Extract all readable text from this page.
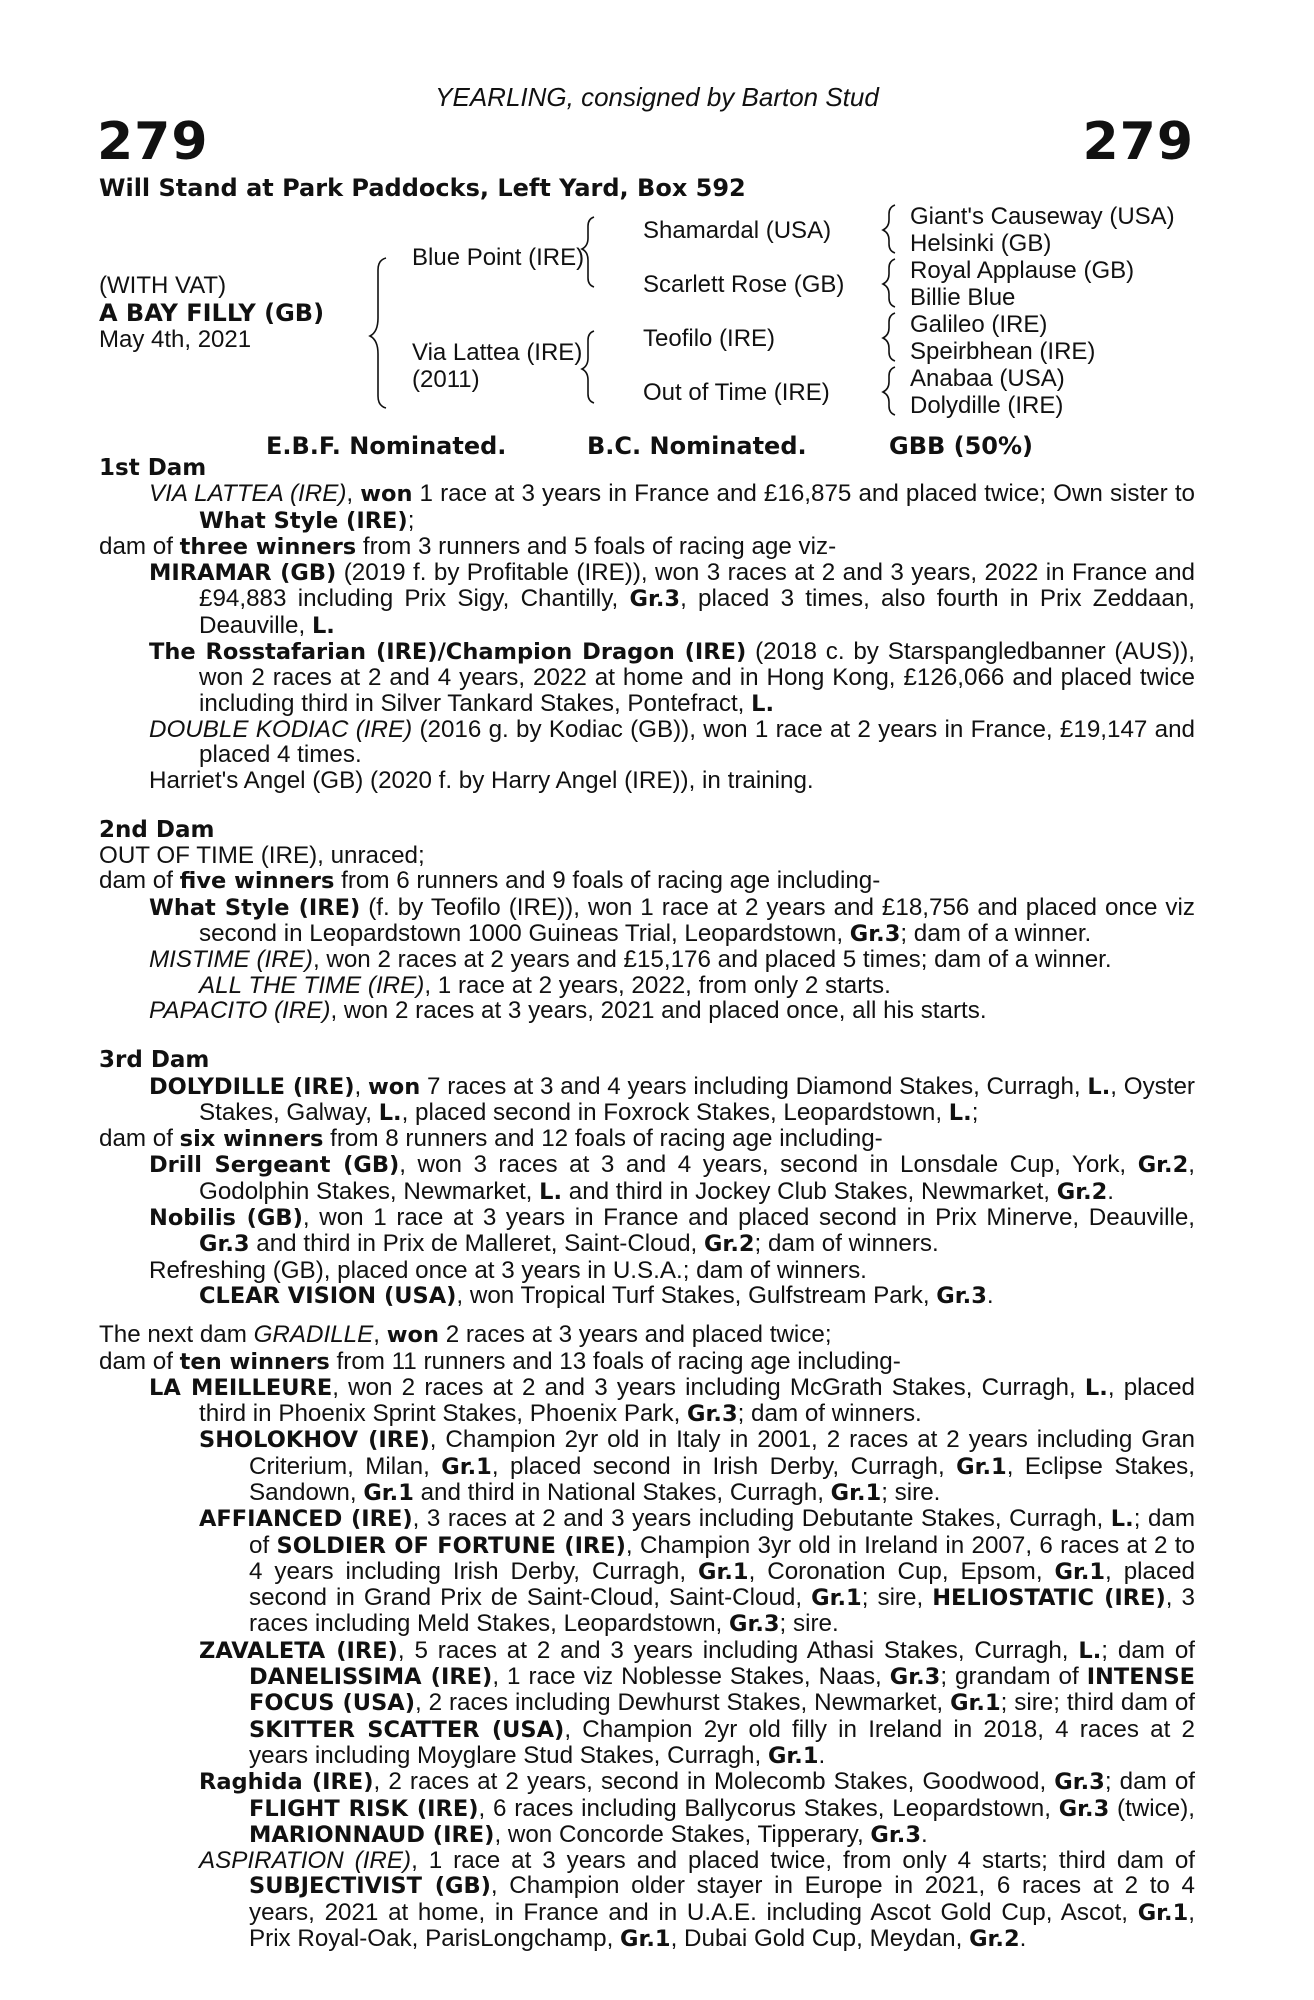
YEARLING, consigned by Barton Stud
279	279
Will Stand at Park Paddocks, Left Yard, Box 592
(WITH VAT)
A BAY FILLY (GB)
May 4th, 2021
Blue Point (IRE)
Via Lattea (IRE)
(2011)
Shamardal (USA)
Scarlett Rose (GB)
Teofilo (IRE)
Out of Time (IRE)
Giant's Causeway (USA)
Helsinki (GB)
Royal Applause (GB)
Billie Blue
Galileo (IRE)
Speirbhean (IRE)
Anabaa (USA)
Dolydille (IRE)
E.B.F. Nominated.	B.C. Nominated.	GBB (50%)

1st Dam

VIA LATTEA (IRE), won 1 race at 3 years in France and £16,875 and placed twice; Own sister to What Style (IRE);

dam of three winners from 3 runners and 5 foals of racing age viz-

MIRAMAR (GB) (2019 f. by Profitable (IRE)), won 3 races at 2 and 3 years, 2022 in France and £94,883 including Prix Sigy, Chantilly, Gr.3, placed 3 times, also fourth in Prix Zeddaan, Deauville, L.

The Rosstafarian (IRE)/Champion Dragon (IRE) (2018 c. by Starspangledbanner (AUS)), won 2 races at 2 and 4 years, 2022 at home and in Hong Kong, £126,066 and placed twice including third in Silver Tankard Stakes, Pontefract, L.

DOUBLE KODIAC (IRE) (2016 g. by Kodiac (GB)), won 1 race at 2 years in France, £19,147 and placed 4 times.

Harriet's Angel (GB) (2020 f. by Harry Angel (IRE)), in training.

2nd Dam

OUT OF TIME (IRE), unraced;

dam of five winners from 6 runners and 9 foals of racing age including-

What Style (IRE) (f. by Teofilo (IRE)), won 1 race at 2 years and £18,756 and placed once viz second in Leopardstown 1000 Guineas Trial, Leopardstown, Gr.3; dam of a winner.

MISTIME (IRE), won 2 races at 2 years and £15,176 and placed 5 times; dam of a winner.

ALL THE TIME (IRE), 1 race at 2 years, 2022, from only 2 starts.

PAPACITO (IRE), won 2 races at 3 years, 2021 and placed once, all his starts.

3rd Dam

DOLYDILLE (IRE), won 7 races at 3 and 4 years including Diamond Stakes, Curragh, L., Oyster Stakes, Galway, L., placed second in Foxrock Stakes, Leopardstown, L.;

dam of six winners from 8 runners and 12 foals of racing age including-

Drill Sergeant (GB), won 3 races at 3 and 4 years, second in Lonsdale Cup, York, Gr.2, Godolphin Stakes, Newmarket, L. and third in Jockey Club Stakes, Newmarket, Gr.2.

Nobilis (GB), won 1 race at 3 years in France and placed second in Prix Minerve, Deauville, Gr.3 and third in Prix de Malleret, Saint-Cloud, Gr.2; dam of winners.

Refreshing (GB), placed once at 3 years in U.S.A.; dam of winners.

CLEAR VISION (USA), won Tropical Turf Stakes, Gulfstream Park, Gr.3.

The next dam GRADILLE, won 2 races at 3 years and placed twice;

dam of ten winners from 11 runners and 13 foals of racing age including-

LA MEILLEURE, won 2 races at 2 and 3 years including McGrath Stakes, Curragh, L., placed third in Phoenix Sprint Stakes, Phoenix Park, Gr.3; dam of winners.

SHOLOKHOV (IRE), Champion 2yr old in Italy in 2001, 2 races at 2 years including Gran Criterium, Milan, Gr.1, placed second in Irish Derby, Curragh, Gr.1, Eclipse Stakes, Sandown, Gr.1 and third in National Stakes, Curragh, Gr.1; sire.

AFFIANCED (IRE), 3 races at 2 and 3 years including Debutante Stakes, Curragh, L.; dam of SOLDIER OF FORTUNE (IRE), Champion 3yr old in Ireland in 2007, 6 races at 2 to 4 years including Irish Derby, Curragh, Gr.1, Coronation Cup, Epsom, Gr.1, placed second in Grand Prix de Saint-Cloud, Saint-Cloud, Gr.1; sire, HELIOSTATIC (IRE), 3 races including Meld Stakes, Leopardstown, Gr.3; sire.

ZAVALETA (IRE), 5 races at 2 and 3 years including Athasi Stakes, Curragh, L.; dam of DANELISSIMA (IRE), 1 race viz Noblesse Stakes, Naas, Gr.3; grandam of INTENSE FOCUS (USA), 2 races including Dewhurst Stakes, Newmarket, Gr.1; sire; third dam of SKITTER SCATTER (USA), Champion 2yr old filly in Ireland in 2018, 4 races at 2 years including Moyglare Stud Stakes, Curragh, Gr.1.

Raghida (IRE), 2 races at 2 years, second in Molecomb Stakes, Goodwood, Gr.3; dam of FLIGHT RISK (IRE), 6 races including Ballycorus Stakes, Leopardstown, Gr.3 (twice), MARIONNAUD (IRE), won Concorde Stakes, Tipperary, Gr.3.

ASPIRATION (IRE), 1 race at 3 years and placed twice, from only 4 starts; third dam of SUBJECTIVIST (GB), Champion older stayer in Europe in 2021, 6 races at 2 to 4 years, 2021 at home, in France and in U.A.E. including Ascot Gold Cup, Ascot, Gr.1, Prix Royal-Oak, ParisLongchamp, Gr.1, Dubai Gold Cup, Meydan, Gr.2.
